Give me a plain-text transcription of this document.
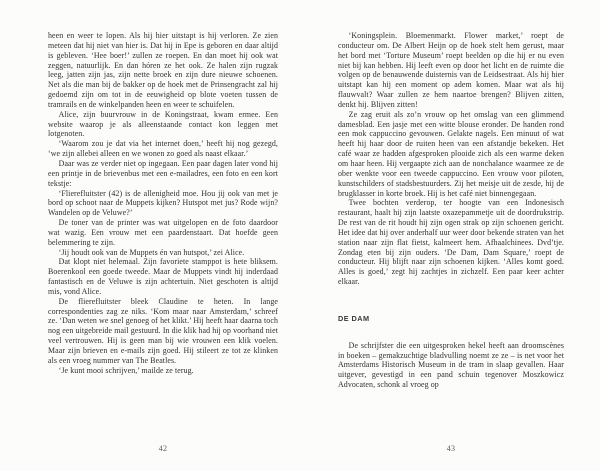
heen en weer te lopen. Als hij hier uitstapt is hij verloren. Ze zien meteen dat hij niet van hier is. Dat hij in Epe is geboren en daar altijd is gebleven. ‘Hee boer!’ zullen ze roepen. En dan moet hij ook wat zeggen, natuurlijk. En dan hóren ze het ook. Ze halen zijn rugzak leeg, jatten zijn jas, zijn nette broek en zijn dure nieuwe schoenen. Net als die man bij de bakker op de hoek met de Prinsengracht zal hij gedoemd zijn om tot in de eeuwigheid op blote voeten tussen de tramrails en de winkelpanden heen en weer te schuifelen.

Alice, zijn buurvrouw in de Koningstraat, kwam ermee. Een website waarop je als alleenstaande contact kon leggen met lotgenoten.

‘Waarom zou je dat via het internet doen,’ heeft hij nog gezegd, ‘we zijn allebei alleen en we wonen zo goed als naast elkaar.’

Daar was ze verder niet op ingegaan. Een paar dagen later vond hij een printje in de brievenbus met een e-mailadres, een foto en een kort tekstje:

‘Flierefluitster (42) is de allenigheid moe. Hou jij ook van met je bord op schoot naar de Muppets kijken? Hutspot met jus? Rode wijn? Wandelen op de Veluwe?’

De toner van de printer was wat uitgelopen en de foto daardoor wat wazig. Een vrouw met een paardenstaart. Dat hoefde geen belemmering te zijn.

‘Jij houdt ook van de Muppets én van hutspot,’ zei Alice.

Dat klopt niet helemaal. Zijn favoriete stamppot is hete bliksem. Boerenkool een goede tweede. Maar de Muppets vindt hij inderdaad fantastisch en de Veluwe is zijn achtertuin. Niet geschoten is altijd mis, vond Alice.

De flierefluitster bleek Claudine te heten. In lange correspondenties zag ze niks. ‘Kom maar naar Amsterdam,’ schreef ze. ‘Dan weten we snel genoeg of het klikt.’ Hij heeft haar daarna toch nog een uitgebreide mail gestuurd. In die klik had hij op voorhand niet veel vertrouwen. Hij is geen man bij wie vrouwen een klik voelen. Maar zijn brieven en e-mails zijn goed. Hij stileert ze tot ze klinken als een vroeg nummer van The Beatles.

‘Je kunt mooi schrijven,’ mailde ze terug.

42

‘Koningsplein. Bloemenmarkt. Flower market,’ roept de conducteur om. De Albert Heijn op de hoek stelt hem gerust, maar het bord met ‘Torture Museum’ roept beelden op die hij er nu even niet bij kan hebben. Hij leeft even op door het licht en de ruimte die volgen op de benauwende duisternis van de Leidsestraat. Als hij hier uitstapt kan hij een moment op adem komen. Maar wat als hij flauwvalt? Waar zullen ze hem naartoe brengen? Blijven zitten, denkt hij. Blijven zitten!

Ze zag eruit als zo’n vrouw op het omslag van een glimmend damesblad. Een jasje met een witte blouse eronder. De handen rond een mok cappuccino gevouwen. Gelakte nagels. Een minuut of wat heeft hij haar door de ruiten heen van een afstandje bekeken. Het café waar ze hadden afgesproken plooide zich als een warme deken om haar heen. Hij vergaapte zich aan de nonchalance waarmee ze de ober wenkte voor een tweede cappuccino. Een vrouw voor piloten, kunstschilders of stadsbestuurders. Zij het meisje uit de zesde, hij de brugklasser in korte broek. Hij is het café niet binnengegaan.

Twee bochten verderop, ter hoogte van een Indonesisch restaurant, haalt hij zijn laatste oxazepammetje uit de doordrukstrip. De rest van de rit houdt hij zijn ogen strak op zijn schoenen gericht. Het idee dat hij over anderhalf uur weer door bekende straten van het station naar zijn flat fietst, kalmeert hem. Afhaalchinees. Dvd’tje. Zondag eten bij zijn ouders. ‘De Dam, Dam Square,’ roept de conducteur. Hij blijft naar zijn schoenen kijken. ‘Alles komt goed. Alles is goed,’ zegt hij zachtjes in zichzelf. Een paar keer achter elkaar.

DE DAM

De schrijfster die een uitgesproken hekel heeft aan droomscènes in boeken – gemakzuchtige bladvulling noemt ze ze – is net voor het Amsterdams Historisch Museum in de tram in slaap gevallen. Haar uitgever, gevestigd in een pand schuin tegenover Moszkowicz Advocaten, schonk al vroeg op

43
